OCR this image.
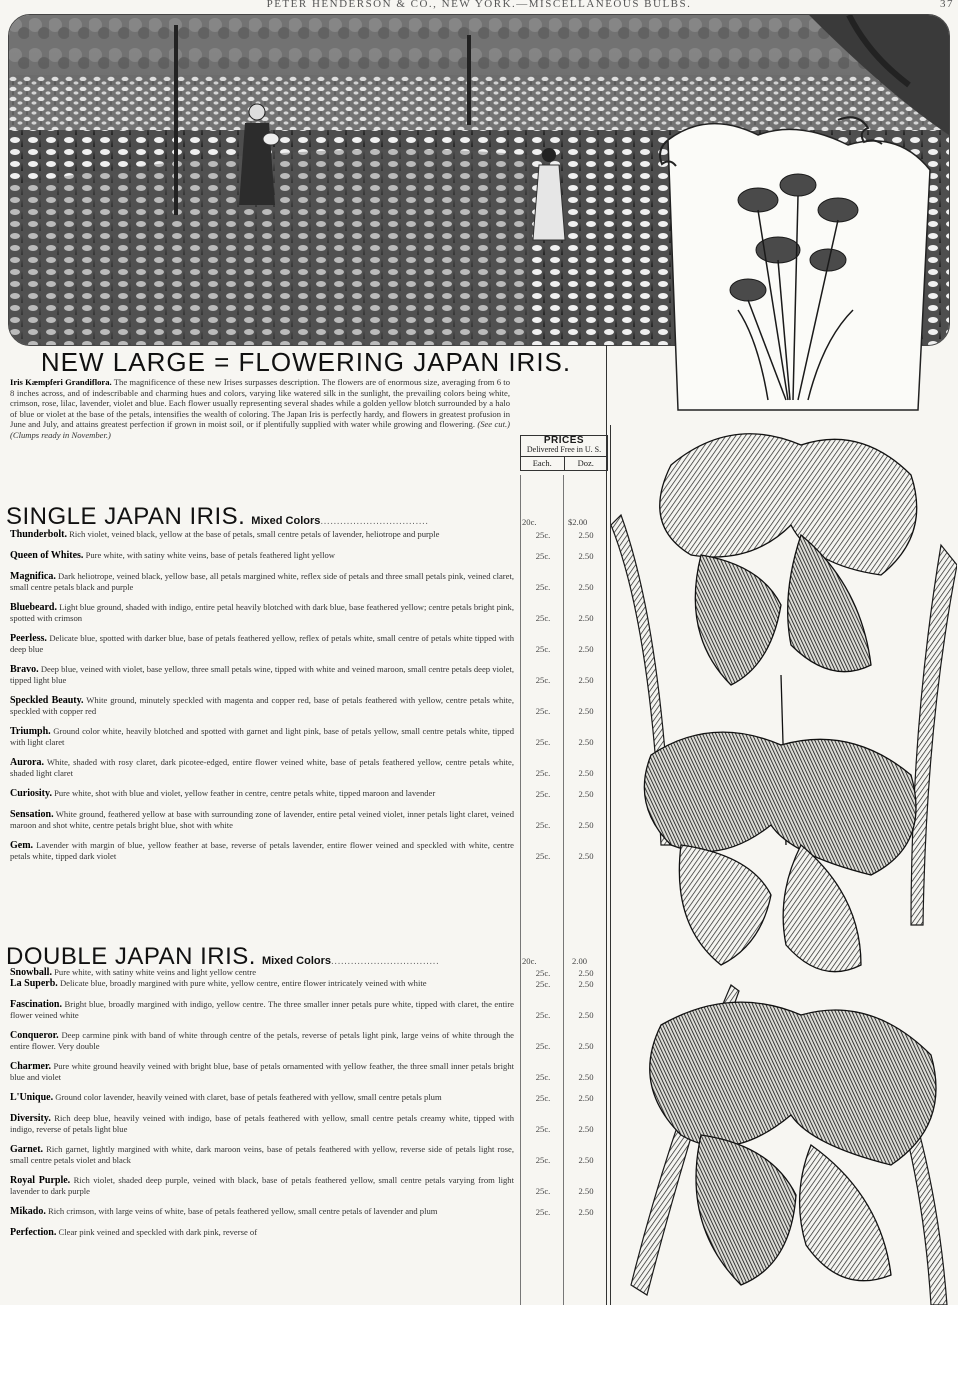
PETER HENDERSON & CO., NEW YORK.—MISCELLANEOUS BULBS.	37
NEW LARGE = FLOWERING JAPAN IRIS.
Iris Kæmpferi Grandiflora. The magnificence of these new Irises surpasses description. The flowers are of enormous size, averaging from 6 to 8 inches across, and of indescribable and charming hues and colors, varying like watered silk in the sunlight, the prevailing colors being white, crimson, rose, lilac, lavender, violet and blue. Each flower usually representing several shades while a golden yellow blotch surrounded by a halo of blue or violet at the base of the petals, intensifies the wealth of coloring. The Japan Iris is perfectly hardy, and flowers in greatest profusion in June and July, and attains greatest perfection if grown in moist soil, or if plentifully supplied with water while growing and flowering. (See cut.) (Clumps ready in November.)
PRICES
Delivered Free in U. S.
Each.	Doz.
SINGLE JAPAN IRIS. Mixed Colors.................................	20c.	$2.00
Thunderbolt. Rich violet, veined black, yellow at the base of petals, small centre petals of lavender, heliotrope and purple	25c.	2.50
Queen of Whites. Pure white, with satiny white veins, base of petals feathered light yellow	25c.	2.50
Magnifica. Dark heliotrope, veined black, yellow base, all petals margined white, reflex side of petals and three small petals pink, veined claret, small centre petals black and purple	25c.	2.50
Bluebeard. Light blue ground, shaded with indigo, entire petal heavily blotched with dark blue, base feathered yellow; centre petals bright pink, spotted with crimson	25c.	2.50
Peerless. Delicate blue, spotted with darker blue, base of petals feathered yellow, reflex of petals white, small centre of petals white tipped with deep blue	25c.	2.50
Bravo. Deep blue, veined with violet, base yellow, three small petals wine, tipped with white and veined maroon, small centre petals deep violet, tipped light blue	25c.	2.50
Speckled Beauty. White ground, minutely speckled with magenta and copper red, base of petals feathered with yellow, centre petals white, speckled with copper red	25c.	2.50
Triumph. Ground color white, heavily blotched and spotted with garnet and light pink, base of petals yellow, small centre petals white, tipped with light claret	25c.	2.50
Aurora. White, shaded with rosy claret, dark picotee-edged, entire flower veined white, base of petals feathered yellow, centre petals white, shaded light claret	25c.	2.50
Curiosity. Pure white, shot with blue and violet, yellow feather in centre, centre petals white, tipped maroon and lavender	25c.	2.50
Sensation. White ground, feathered yellow at base with surrounding zone of lavender, entire petal veined violet, inner petals light claret, veined maroon and shot white, centre petals bright blue, shot with white	25c.	2.50
Gem. Lavender with margin of blue, yellow feather at base, reverse of petals lavender, entire flower veined and speckled with white, centre petals white, tipped dark violet	25c.	2.50
DOUBLE JAPAN IRIS. Mixed Colors.................................	20c.	2.00
Snowball. Pure white, with satiny white veins and light yellow centre	25c.	2.50
La Superb. Delicate blue, broadly margined with pure white, yellow centre, entire flower intricately veined with white	25c.	2.50
Fascination. Bright blue, broadly margined with indigo, yellow centre. The three smaller inner petals pure white, tipped with claret, the entire flower veined white	25c.	2.50
Conqueror. Deep carmine pink with band of white through centre of the petals, reverse of petals light pink, large veins of white through the entire flower. Very double	25c.	2.50
Charmer. Pure white ground heavily veined with bright blue, base of petals ornamented with yellow feather, the three small inner petals bright blue and violet	25c.	2.50
L'Unique. Ground color lavender, heavily veined with claret, base of petals feathered with yellow, small centre petals plum	25c.	2.50
Diversity. Rich deep blue, heavily veined with indigo, base of petals feathered with yellow, small centre petals creamy white, tipped with indigo, reverse of petals light blue	25c.	2.50
Garnet. Rich garnet, lightly margined with white, dark maroon veins, base of petals feathered with yellow, reverse side of petals light rose, small centre petals violet and black	25c.	2.50
Royal Purple. Rich violet, shaded deep purple, veined with black, base of petals feathered yellow, small centre petals varying from light lavender to dark purple	25c.	2.50
Mikado. Rich crimson, with large veins of white, base of petals feathered yellow, small centre petals of lavender and plum	25c.	2.50
Perfection. Clear pink veined and speckled with dark pink, reverse of
